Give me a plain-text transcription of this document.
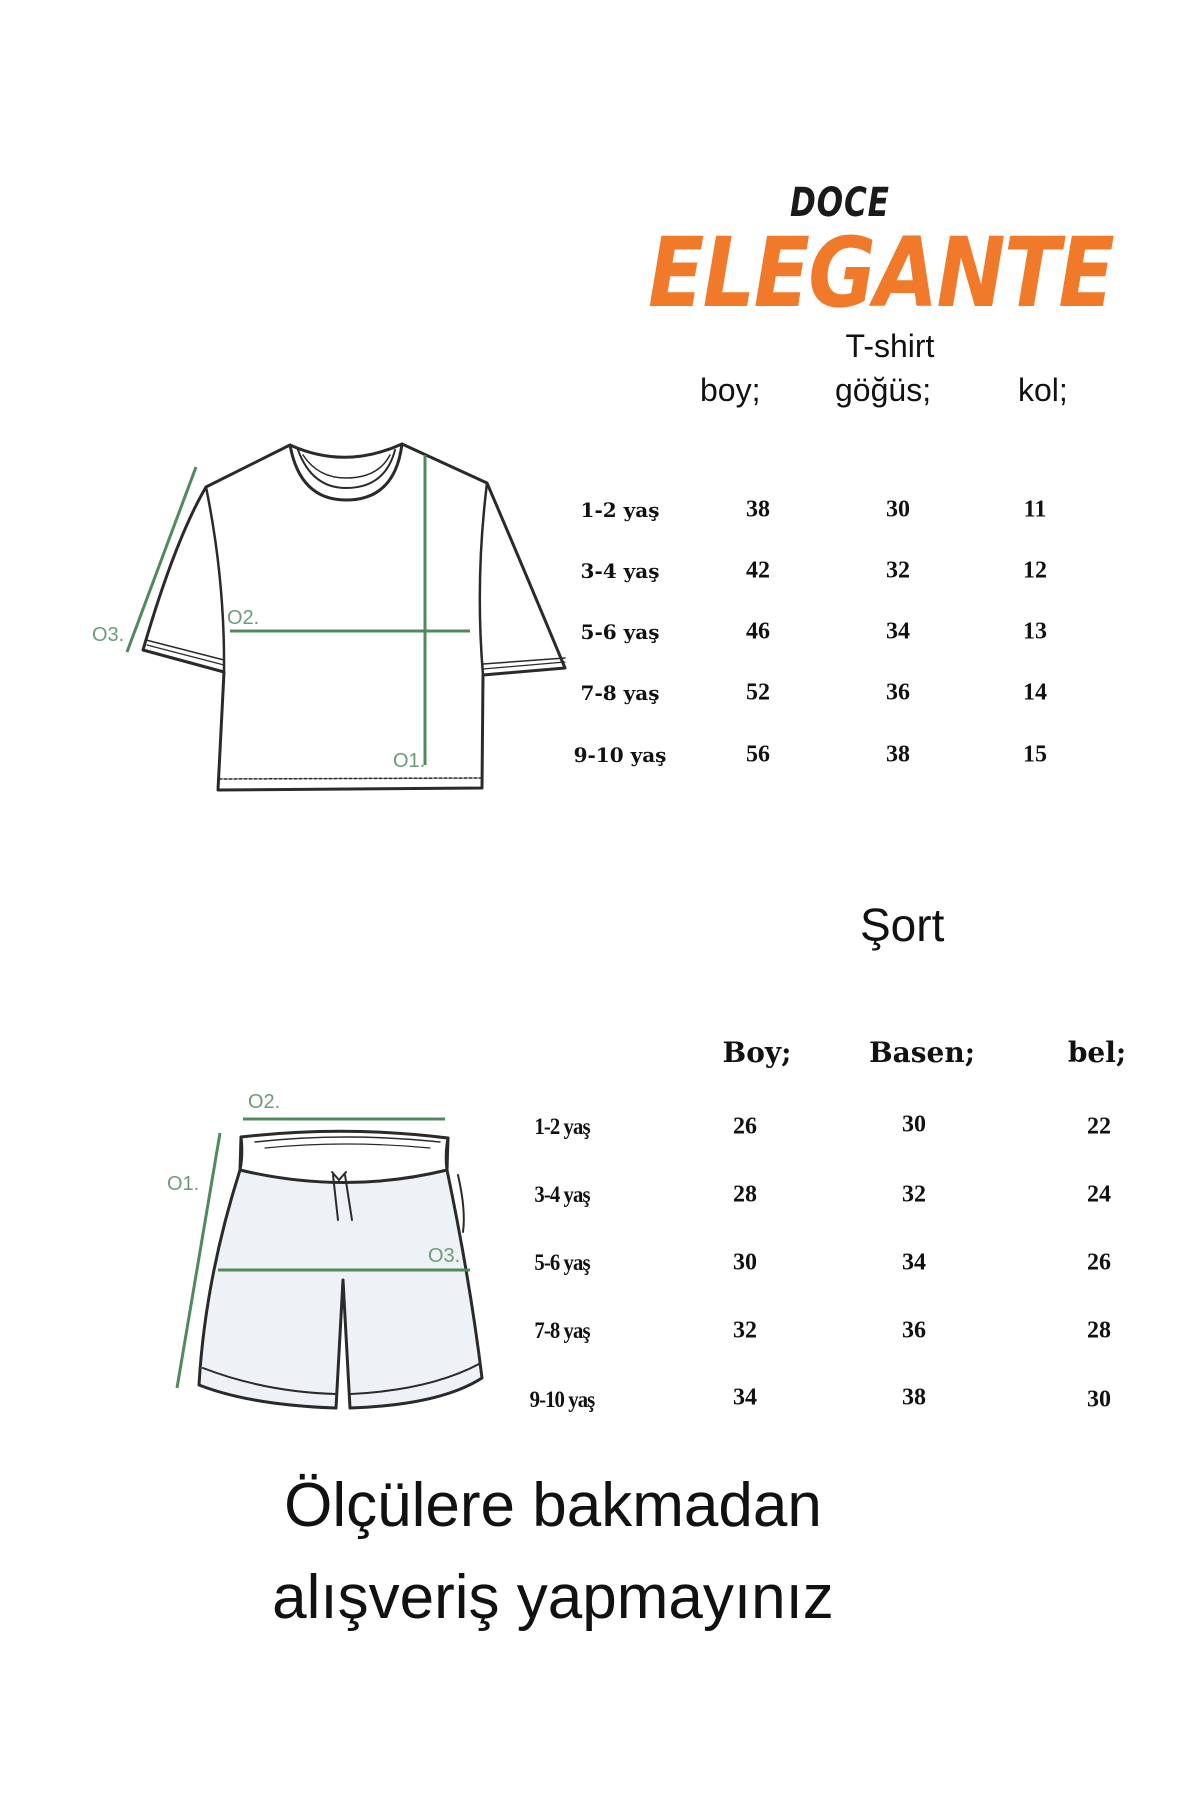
DOCE
ELEGANTE
T-shirt
boy; göğüs;	kol;
1-2 yaş	38	30	11
3-4 yaş	42	32	12
5-6 yaş	46	34	13
7-8 yaş	52	36	14
9-10 yaş	56	38	15
O3.
O2.
O1.
Şort
Boy;	Basen;	bel;
1-2 yaş	26	30	22
3-4 yaş	28	32	24
5-6 yaş	30	34	26
7-8 yaş	32	36	28
9-10 yaş	34	38	30
O2.
O1.
O3.
Ölçülere bakmadan
alışveriş yapmayınız
